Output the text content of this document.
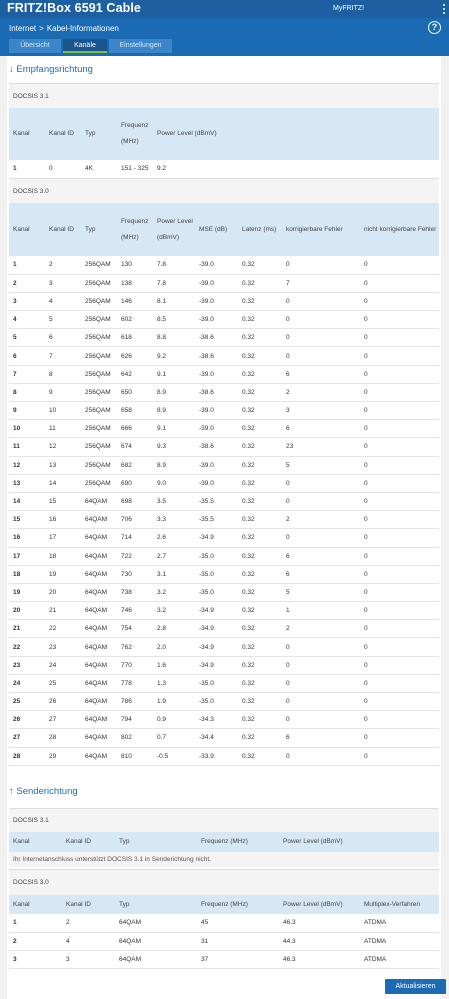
FRITZ!Box 6591 Cable	MyFRITZ!
Internet > Kabel-Informationen	?
Übersicht	Kanäle	Einstellungen
↓ Empfangsrichtung
DOCSIS 3.1
Kanal	Kanal ID	Typ	Frequenz (MHz)	Power Level (dBmV)
1	0	4K	151 - 325	9.2
DOCSIS 3.0
Kanal	Kanal ID	Typ	Frequenz (MHz)	Power Level (dBmV)	MSE (dB)	Latenz (ms)	korrigierbare Fehler	nicht korrigierbare Fehler
1	2	256QAM	130	7.8	-39.0	0.32	0	0
2	3	256QAM	138	7.8	-39.0	0.32	7	0
3	4	256QAM	146	8.1	-39.0	0.32	0	0
4	5	256QAM	602	8.5	-39.0	0.32	0	0
5	6	256QAM	618	8.8	-38.6	0.32	0	0
6	7	256QAM	626	9.2	-38.6	0.32	0	0
7	8	256QAM	642	9.1	-39.0	0.32	6	0
8	9	256QAM	650	8.9	-38.6	0.32	2	0
9	10	256QAM	658	8.9	-39.0	0.32	3	0
10	11	256QAM	666	9.1	-39.0	0.32	6	0
11	12	256QAM	674	9.3	-38.6	0.32	23	0
12	13	256QAM	682	8.9	-39.0	0.32	5	0
13	14	256QAM	690	9.0	-39.0	0.32	0	0
14	15	64QAM	698	3.5	-35.5	0.32	0	0
15	16	64QAM	706	3.3	-35.5	0.32	2	0
16	17	64QAM	714	2.6	-34.9	0.32	0	0
17	18	64QAM	722	2.7	-35.0	0.32	6	0
18	19	64QAM	730	3.1	-35.0	0.32	6	0
19	20	64QAM	738	3.2	-35.0	0.32	5	0
20	21	64QAM	746	3.2	-34.9	0.32	1	0
21	22	64QAM	754	2.8	-34.9	0.32	2	0
22	23	64QAM	762	2.0	-34.9	0.32	0	0
23	24	64QAM	770	1.6	-34.9	0.32	0	0
24	25	64QAM	778	1.3	-35.0	0.32	0	0
25	26	64QAM	786	1.9	-35.0	0.32	0	0
26	27	64QAM	794	0.9	-34.3	0.32	0	0
27	28	64QAM	802	0.7	-34.4	0.32	6	0
28	29	64QAM	810	-0.5	-33.9	0.32	0	0
↑ Senderichtung
DOCSIS 3.1
Kanal	Kanal ID	Typ	Frequenz (MHz)	Power Level (dBmV)
Ihr Internetanschluss unterstützt DOCSIS 3.1 in Senderichtung nicht.
DOCSIS 3.0
Kanal	Kanal ID	Typ	Frequenz (MHz)	Power Level (dBmV)	Multiplex-Verfahren
1	2	64QAM	45	46.3	ATDMA
2	4	64QAM	31	44.3	ATDMA
3	3	64QAM	37	46.3	ATDMA
Aktualisieren
